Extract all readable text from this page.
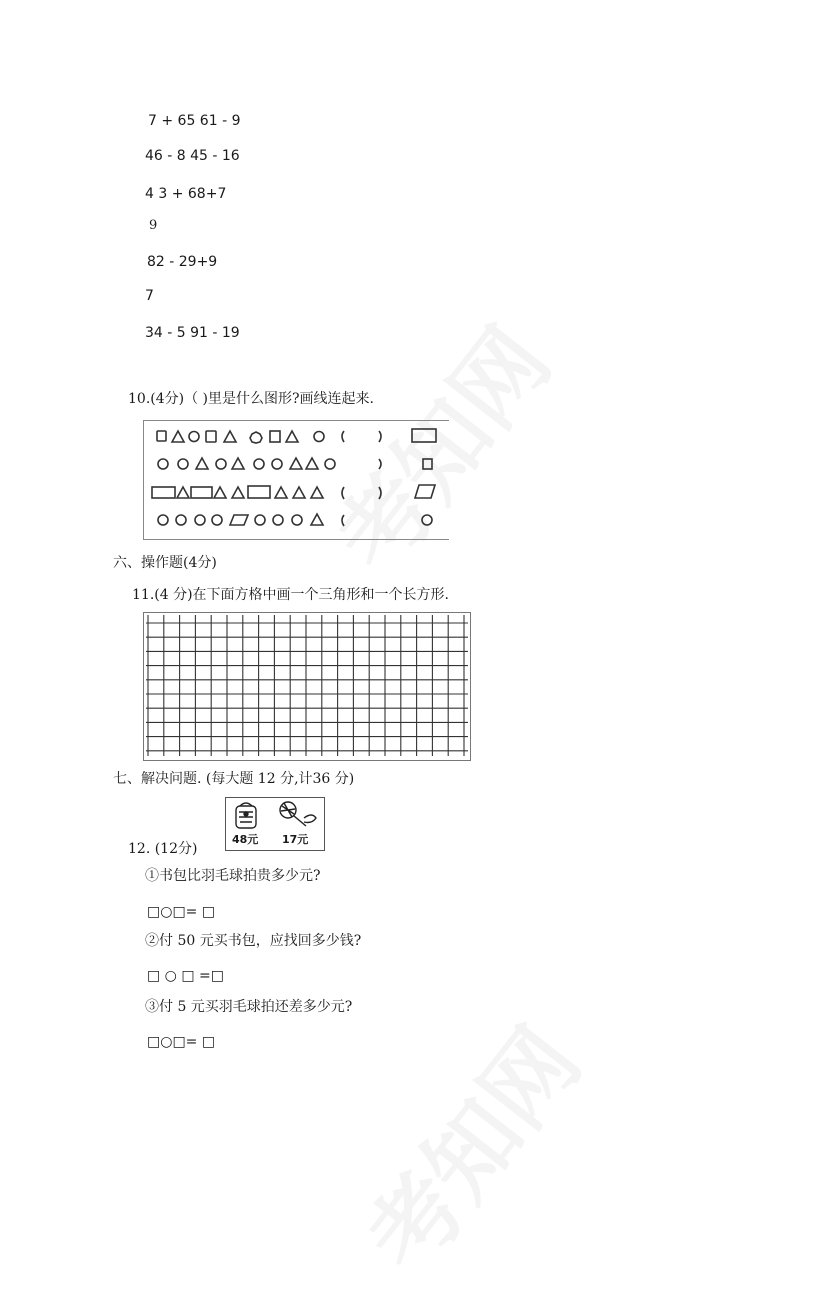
7 + 65 61 - 9
46 - 8 45 - 16
4 3 + 68+7
9
82 - 29+9
7
34 - 5 91 - 19
10.(4分)（ )里是什么图形?画线连起来.
六、操作题(4分)
11.(4 分)在下面方格中画一个三角形和一个长方形.
七、解决问题. (每大题 12 分,计36 分)
48元 17元
12. (12分)
①书包比羽毛球拍贵多少元?
□○□= □
②付 50 元买书包，应找回多少钱?
□ ○ □ =□
③付 5 元买羽毛球拍还差多少元?
□○□= □
